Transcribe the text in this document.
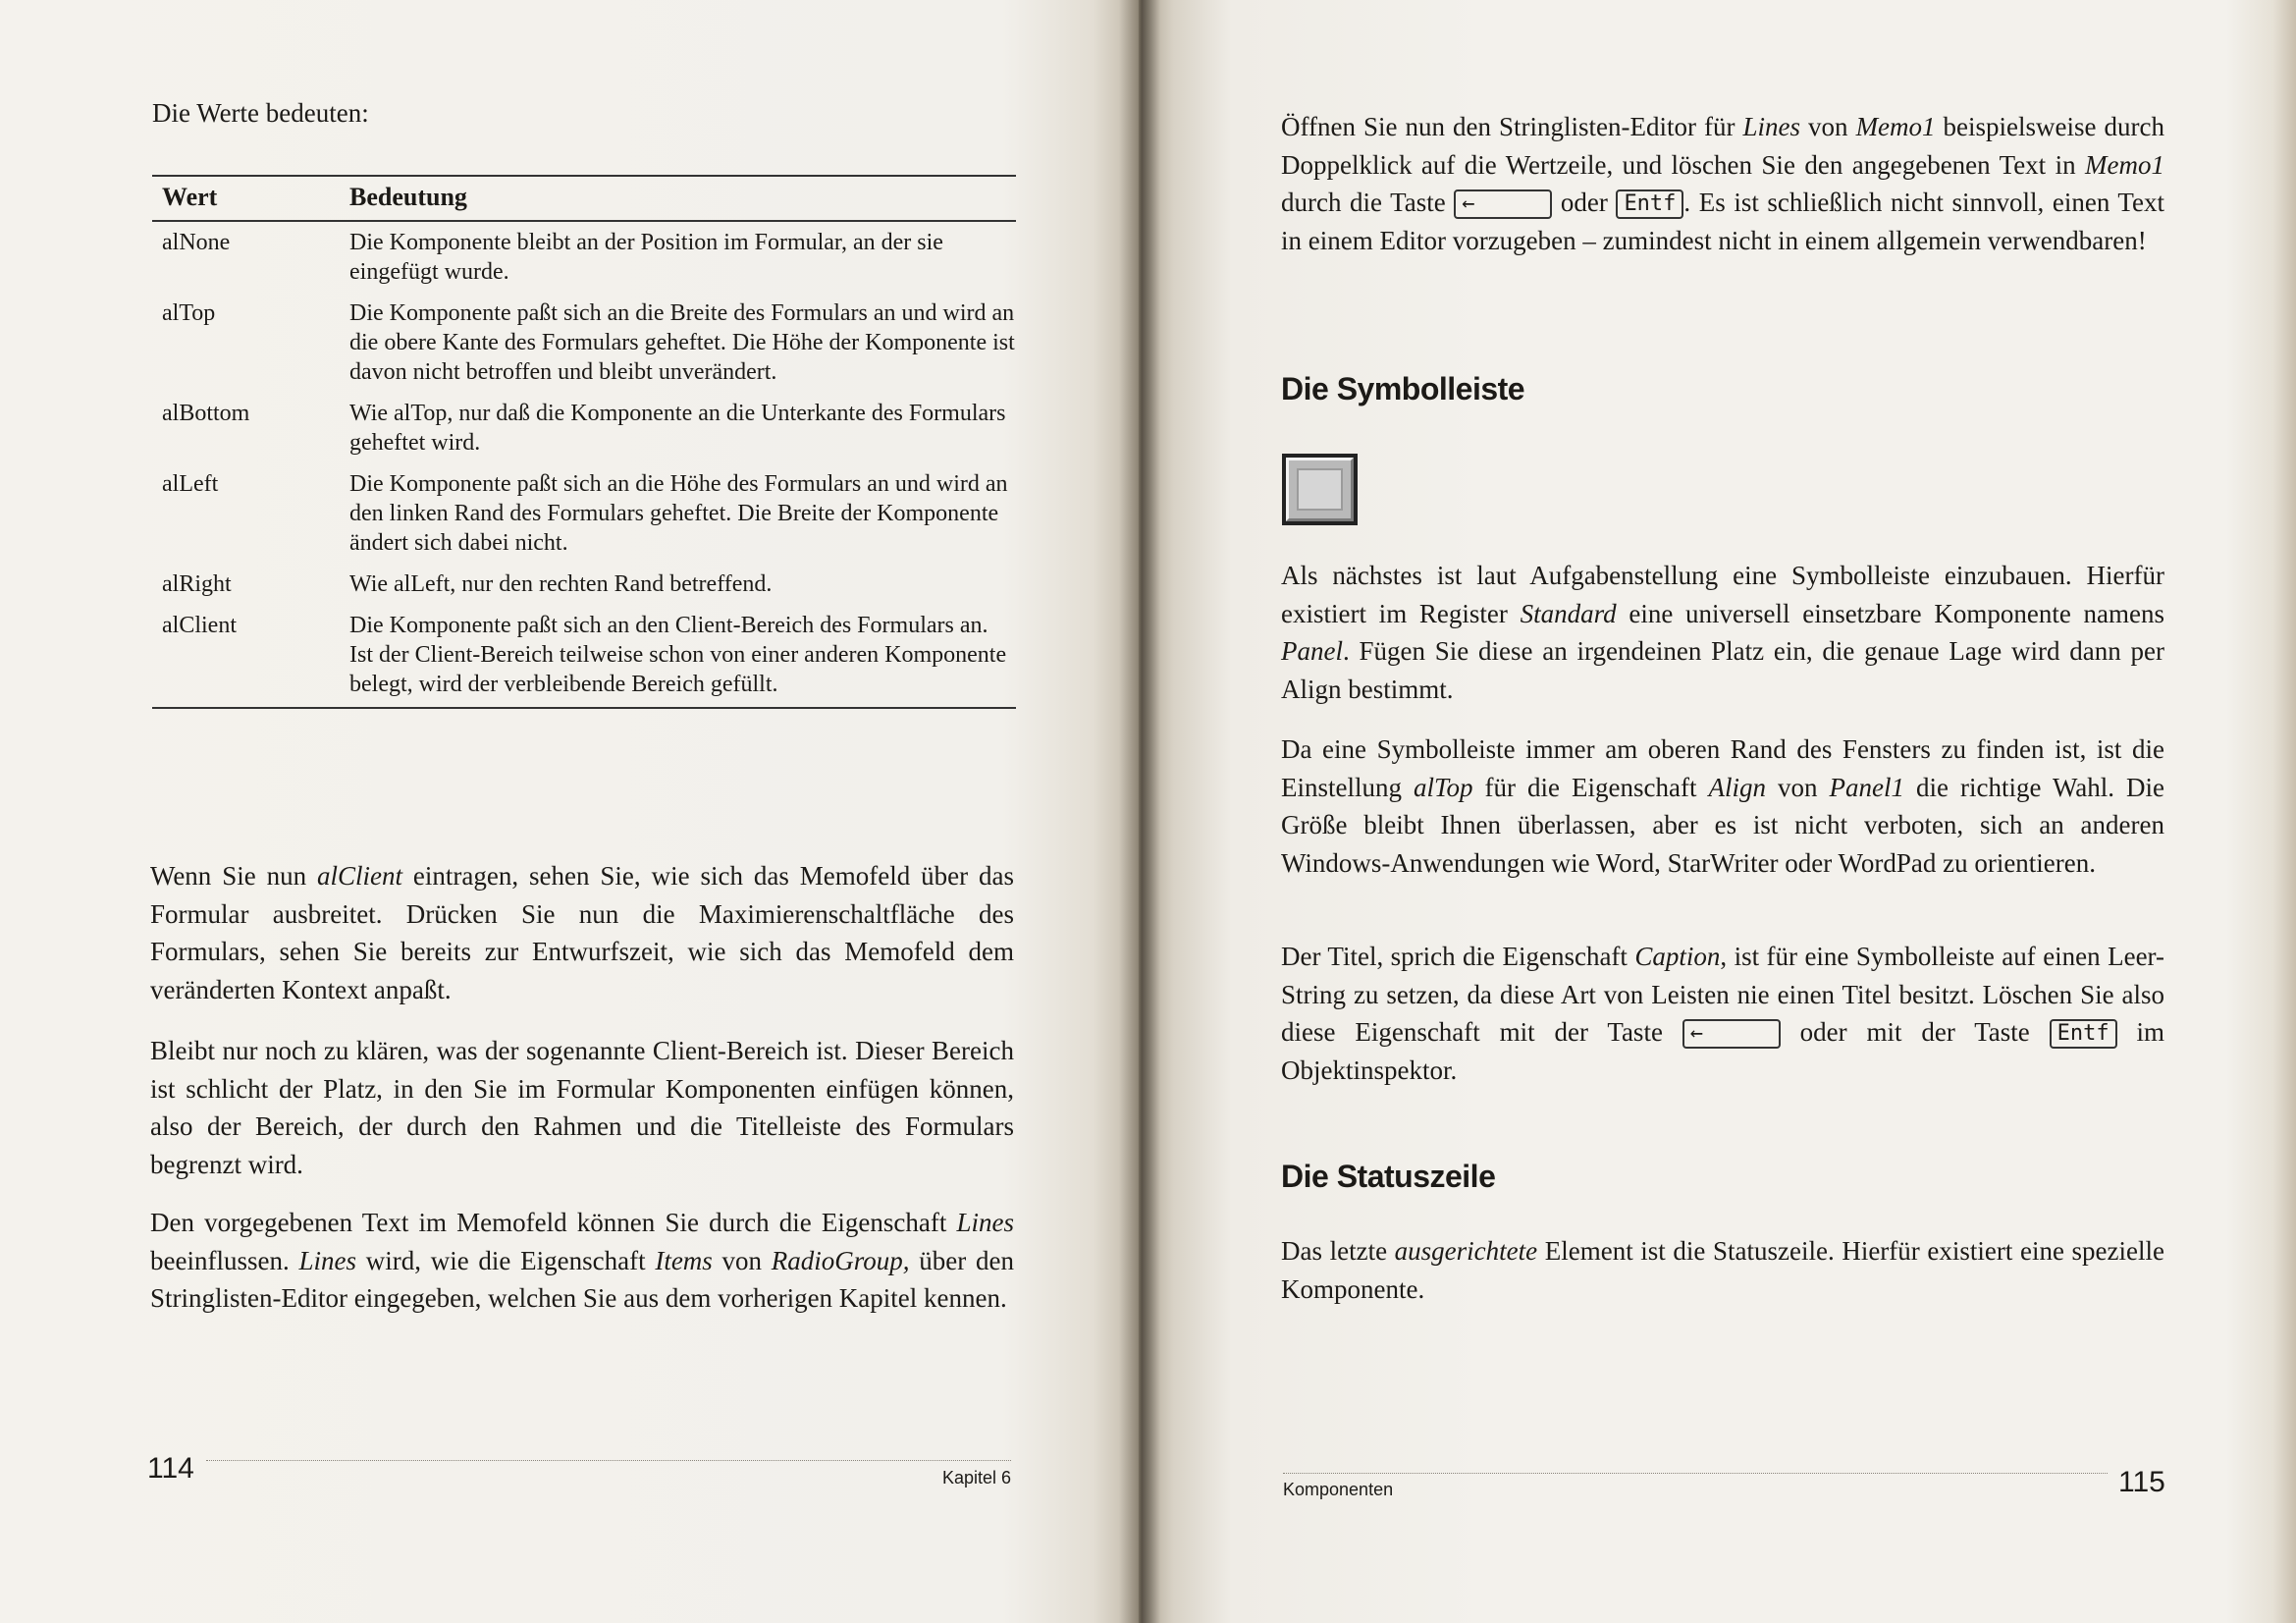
Die Werte bedeuten:
Wert	Bedeutung
alNone	Die Komponente bleibt an der Position im Formular, an der sie eingefügt wurde.
alTop	Die Komponente paßt sich an die Breite des Formulars an und wird an die obere Kante des Formulars geheftet. Die Höhe der Komponente ist davon nicht betroffen und bleibt unverändert.
alBottom	Wie alTop, nur daß die Komponente an die Unterkante des Formulars geheftet wird.
alLeft	Die Komponente paßt sich an die Höhe des Formulars an und wird an den linken Rand des Formulars geheftet. Die Breite der Komponente ändert sich dabei nicht.
alRight	Wie alLeft, nur den rechten Rand betreffend.
alClient	Die Komponente paßt sich an den Client-Bereich des Formulars an. Ist der Client-Bereich teilweise schon von einer anderen Komponente belegt, wird der verbleibende Bereich gefüllt.

Wenn Sie nun alClient eintragen, sehen Sie, wie sich das Memofeld über das Formular ausbreitet. Drücken Sie nun die Maximierenschaltfläche des Formulars, sehen Sie bereits zur Entwurfszeit, wie sich das Memofeld dem veränderten Kontext anpaßt.

Bleibt nur noch zu klären, was der sogenannte Client-Bereich ist. Dieser Bereich ist schlicht der Platz, in den Sie im Formular Komponenten einfügen können, also der Bereich, der durch den Rahmen und die Titelleiste des Formulars begrenzt wird.

Den vorgegebenen Text im Memofeld können Sie durch die Eigenschaft Lines beeinflussen. Lines wird, wie die Eigenschaft Items von RadioGroup, über den Stringlisten-Editor eingegeben, welchen Sie aus dem vorherigen Kapitel kennen.

114	Kapitel 6

Öffnen Sie nun den Stringlisten-Editor für Lines von Memo1 beispielsweise durch Doppelklick auf die Wertzeile, und löschen Sie den angegebenen Text in Memo1 durch die Taste ←	oder Entf . Es ist schließlich nicht sinnvoll, einen Text in einem Editor vorzugeben – zumindest nicht in einem allgemein verwendbaren!

Die Symbolleiste

Als nächstes ist laut Aufgabenstellung eine Symbolleiste einzubauen. Hierfür existiert im Register Standard eine universell einsetzbare Komponente namens Panel. Fügen Sie diese an irgendeinen Platz ein, die genaue Lage wird dann per Align bestimmt.

Da eine Symbolleiste immer am oberen Rand des Fensters zu finden ist, ist die Einstellung alTop für die Eigenschaft Align von Panel1 die richtige Wahl. Die Größe bleibt Ihnen überlassen, aber es ist nicht verboten, sich an anderen Windows-Anwendungen wie Word, StarWriter oder WordPad zu orientieren.

Der Titel, sprich die Eigenschaft Caption, ist für eine Symbolleiste auf einen Leer-String zu setzen, da diese Art von Leisten nie einen Titel besitzt. Löschen Sie also diese Eigenschaft mit der Taste ←	oder mit der Taste Entf im Objektinspektor.

Die Statuszeile

Das letzte ausgerichtete Element ist die Statuszeile. Hierfür existiert eine spezielle Komponente.

Komponenten	115
